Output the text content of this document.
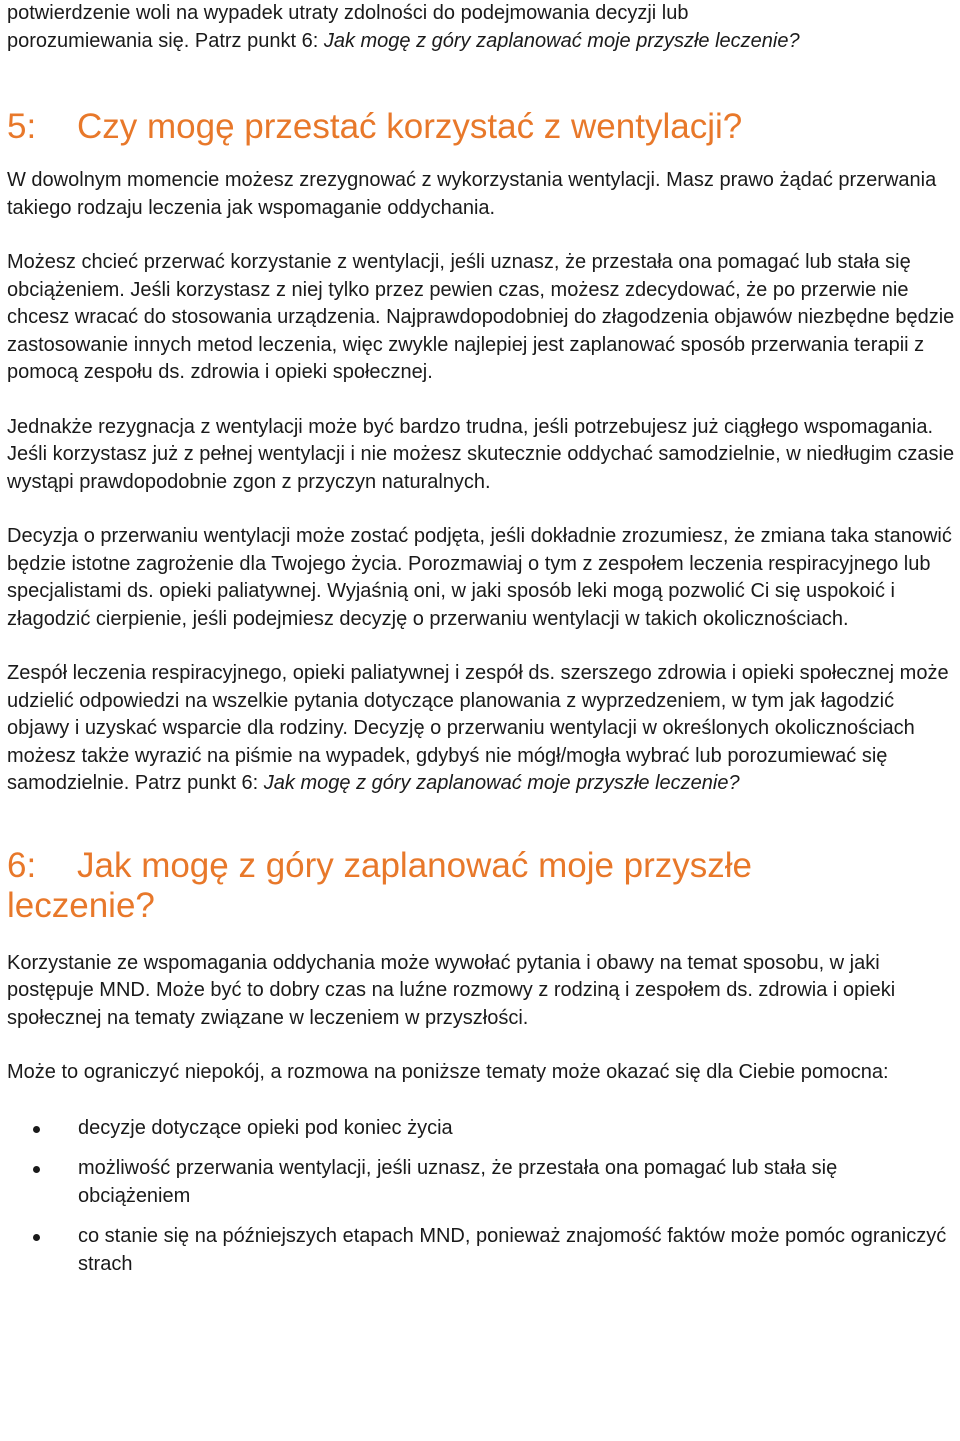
potwierdzenie woli na wypadek utraty zdolności do podejmowania decyzji lub
porozumiewania się. Patrz punkt 6: Jak mogę z góry zaplanować moje przyszłe leczenie?

5: Czy mogę przestać korzystać z wentylacji?

W dowolnym momencie możesz zrezygnować z wykorzystania wentylacji. Masz prawo żądać przerwania takiego rodzaju leczenia jak wspomaganie oddychania.

Możesz chcieć przerwać korzystanie z wentylacji, jeśli uznasz, że przestała ona pomagać lub stała się obciążeniem. Jeśli korzystasz z niej tylko przez pewien czas, możesz zdecydować, że po przerwie nie chcesz wracać do stosowania urządzenia. Najprawdopodobniej do złagodzenia objawów niezbędne będzie zastosowanie innych metod leczenia, więc zwykle najlepiej jest zaplanować sposób przerwania terapii z pomocą zespołu ds. zdrowia i opieki społecznej.

Jednakże rezygnacja z wentylacji może być bardzo trudna, jeśli potrzebujesz już ciągłego wspomagania.

Jeśli korzystasz już z pełnej wentylacji i nie możesz skutecznie oddychać samodzielnie, w niedługim czasie wystąpi prawdopodobnie zgon z przyczyn naturalnych.

Decyzja o przerwaniu wentylacji może zostać podjęta, jeśli dokładnie zrozumiesz, że zmiana taka stanowić będzie istotne zagrożenie dla Twojego życia. Porozmawiaj o tym z zespołem leczenia respiracyjnego lub specjalistami ds. opieki paliatywnej. Wyjaśnią oni, w jaki sposób leki mogą pozwolić Ci się uspokoić i złagodzić cierpienie, jeśli podejmiesz decyzję o przerwaniu wentylacji w takich okolicznościach.

Zespół leczenia respiracyjnego, opieki paliatywnej i zespół ds. szerszego zdrowia i opieki społecznej może udzielić odpowiedzi na wszelkie pytania dotyczące planowania z wyprzedzeniem, w tym jak łagodzić objawy i uzyskać wsparcie dla rodziny. Decyzję o przerwaniu wentylacji w określonych okolicznościach możesz także wyrazić na piśmie na wypadek, gdybyś nie mógł/mogła wybrać lub porozumiewać się samodzielnie. Patrz punkt 6: Jak mogę z góry zaplanować moje przyszłe leczenie?

6: Jak mogę z góry zaplanować moje przyszłe
leczenie?

Korzystanie ze wspomagania oddychania może wywołać pytania i obawy na temat sposobu, w jaki postępuje MND. Może być to dobry czas na luźne rozmowy z rodziną i zespołem ds. zdrowia i opieki społecznej na tematy związane w leczeniem w przyszłości.

Może to ograniczyć niepokój, a rozmowa na poniższe tematy może okazać się dla Ciebie pomocna:

decyzje dotyczące opieki pod koniec życia
możliwość przerwania wentylacji, jeśli uznasz, że przestała ona pomagać lub stała się obciążeniem
co stanie się na późniejszych etapach MND, ponieważ znajomość faktów może pomóc ograniczyć strach
